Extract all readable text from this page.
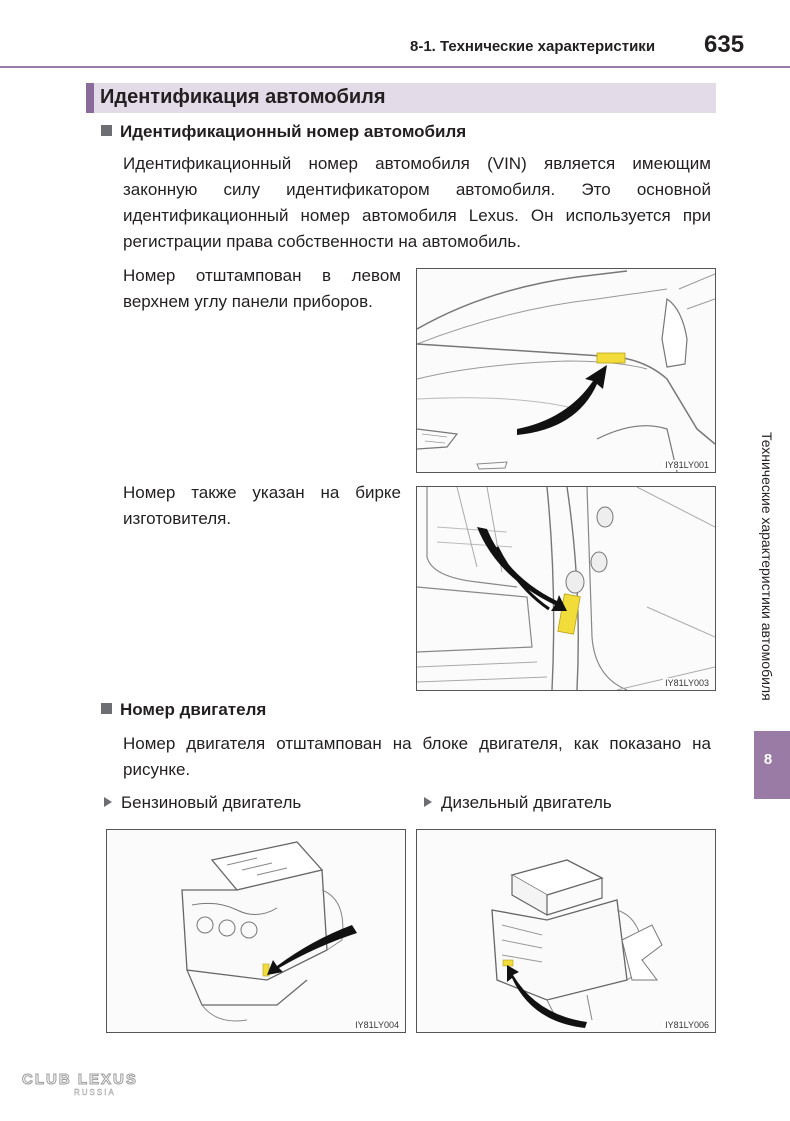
8-1. Технические характеристики 635
Идентификация автомобиля
Идентификационный номер автомобиля
Идентификационный номер автомобиля (VIN) является имеющим законную силу идентификатором автомобиля. Это основной идентификационный номер автомобиля Lexus. Он используется при регистрации права собственности на автомобиль.
Номер отштампован в левом верхнем углу панели приборов.
IY81LY001
Номер также указан на бирке изготовителя.
IY81LY003
Номер двигателя
Номер двигателя отштампован на блоке двигателя, как показано на рисунке.
Бензиновый двигатель	Дизельный двигатель
IY81LY004	IY81LY006
Технические характеристики автомобиля
8
CLUB LEXUS
RUSSIA
